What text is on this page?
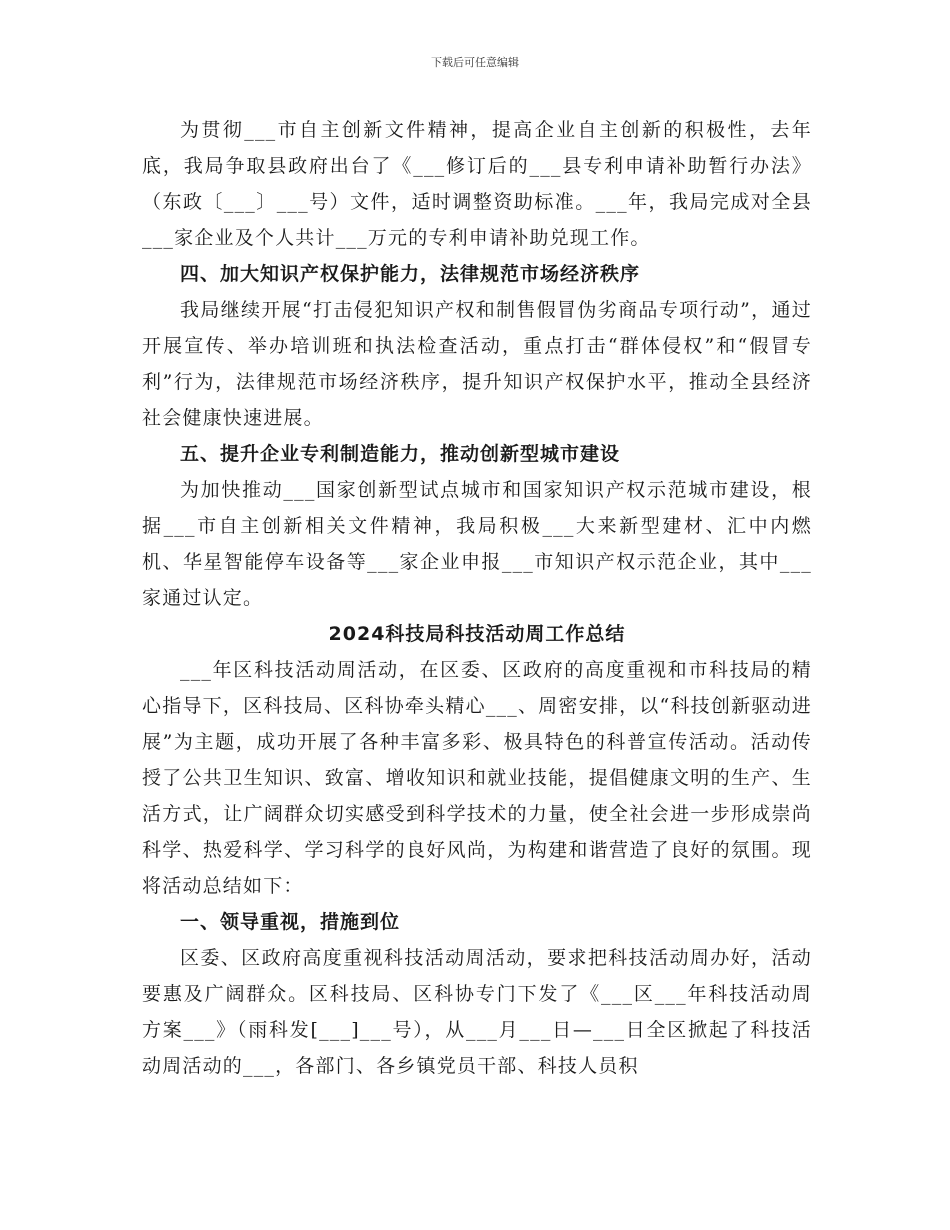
下载后可任意编辑

为贯彻___市自主创新文件精神，提高企业自主创新的积极性，去年底，我局争取县政府出台了《___修订后的___县专利申请补助暂行办法》（东政〔___〕___号）文件，适时调整资助标准。___年，我局完成对全县___家企业及个人共计___万元的专利申请补助兑现工作。

四、加大知识产权保护能力，法律规范市场经济秩序

我局继续开展“打击侵犯知识产权和制售假冒伪劣商品专项行动”，通过开展宣传、举办培训班和执法检查活动，重点打击“群体侵权”和“假冒专利”行为，法律规范市场经济秩序，提升知识产权保护水平，推动全县经济社会健康快速进展。

五、提升企业专利制造能力，推动创新型城市建设

为加快推动___国家创新型试点城市和国家知识产权示范城市建设，根据___市自主创新相关文件精神，我局积极___大来新型建材、汇中内燃机、华星智能停车设备等___家企业申报___市知识产权示范企业，其中___家通过认定。

2024科技局科技活动周工作总结

___年区科技活动周活动，在区委、区政府的高度重视和市科技局的精心指导下，区科技局、区科协牵头精心___、周密安排，以“科技创新驱动进展”为主题，成功开展了各种丰富多彩、极具特色的科普宣传活动。活动传授了公共卫生知识、致富、增收知识和就业技能，提倡健康文明的生产、生活方式，让广阔群众切实感受到科学技术的力量，使全社会进一步形成崇尚科学、热爱科学、学习科学的良好风尚，为构建和谐营造了良好的氛围。现将活动总结如下：

一、领导重视，措施到位

区委、区政府高度重视科技活动周活动，要求把科技活动周办好，活动要惠及广阔群众。区科技局、区科协专门下发了《___区___年科技活动周方案___》（雨科发[___]___号），从___月___日—___日全区掀起了科技活动周活动的___，各部门、各乡镇党员干部、科技人员积
